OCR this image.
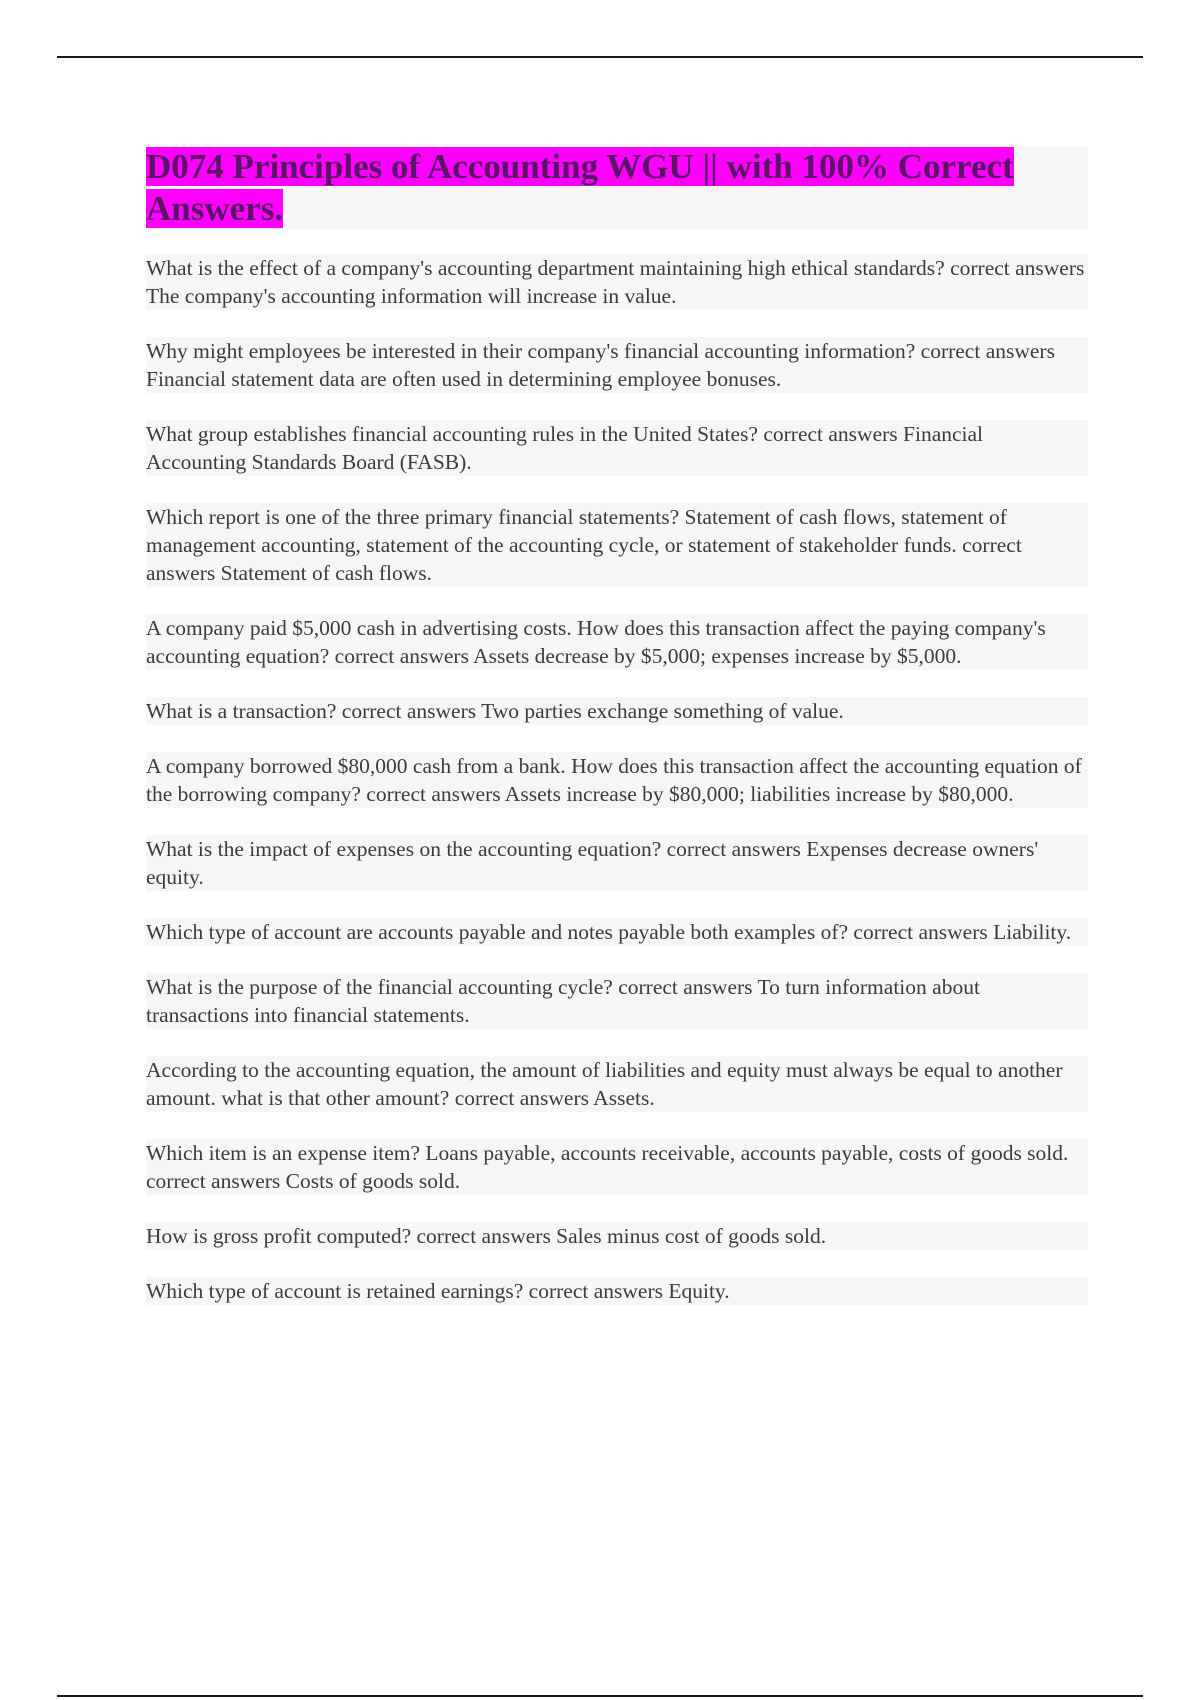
D074 Principles of Accounting WGU || with 100% Correct Answers.

What is the effect of a company's accounting department maintaining high ethical standards? correct answers The company's accounting information will increase in value.

Why might employees be interested in their company's financial accounting information? correct answers Financial statement data are often used in determining employee bonuses.

What group establishes financial accounting rules in the United States? correct answers Financial Accounting Standards Board (FASB).

Which report is one of the three primary financial statements? Statement of cash flows, statement of management accounting, statement of the accounting cycle, or statement of stakeholder funds. correct answers Statement of cash flows.

A company paid $5,000 cash in advertising costs. How does this transaction affect the paying company's accounting equation? correct answers Assets decrease by $5,000; expenses increase by $5,000.

What is a transaction? correct answers Two parties exchange something of value.

A company borrowed $80,000 cash from a bank. How does this transaction affect the accounting equation of the borrowing company? correct answers Assets increase by $80,000; liabilities increase by $80,000.

What is the impact of expenses on the accounting equation? correct answers Expenses decrease owners' equity.

Which type of account are accounts payable and notes payable both examples of? correct answers Liability.

What is the purpose of the financial accounting cycle? correct answers To turn information about transactions into financial statements.

According to the accounting equation, the amount of liabilities and equity must always be equal to another amount. what is that other amount? correct answers Assets.

Which item is an expense item? Loans payable, accounts receivable, accounts payable, costs of goods sold. correct answers Costs of goods sold.

How is gross profit computed? correct answers Sales minus cost of goods sold.

Which type of account is retained earnings? correct answers Equity.
